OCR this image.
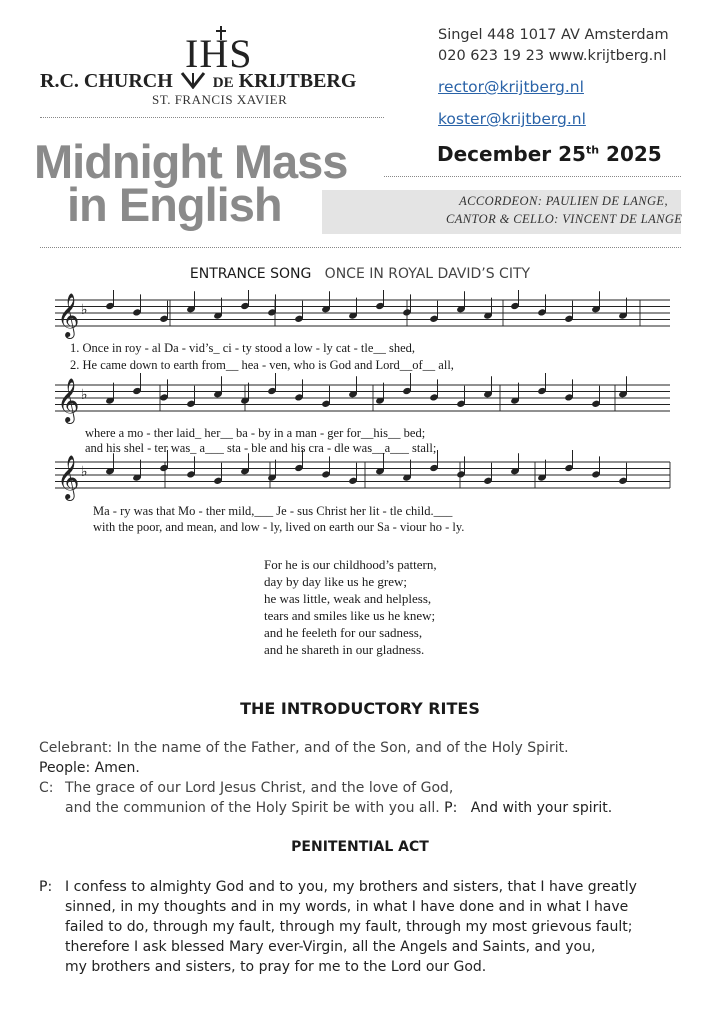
IHS
R.C. CHURCH	DE KRIJTBERG
ST. FRANCIS XAVIER
Singel 448 1017 AV Amsterdam
020 623 19 23 www.krijtberg.nl
rector@krijtberg.nl
koster@krijtberg.nl
Midnight Mass
in English
December 25th 2025
ACCORDEON: PAULIEN DE LANGE,
CANTOR & CELLO: VINCENT DE LANGE
ENTRANCE SONG ONCE IN ROYAL DAVID’S CITY
𝄞 ♭
𝄞 ♭
𝄞 ♭
1. Once in roy - al Da - vid’s_ ci - ty stood a low - ly cat - tle__ shed,
2. He came down to earth from__ hea - ven, who is God and Lord__of__ all,
where a mo - ther laid_ her__ ba - by in a man - ger for__his__ bed;
and his shel - ter was_ a___ sta - ble and his cra - dle was__a___ stall;
Ma - ry was that Mo - ther mild,___ Je - sus Christ her lit - tle child.___
with the poor, and mean, and low - ly, lived on earth our Sa - viour ho - ly.
For he is our childhood’s pattern,
day by day like us he grew;
he was little, weak and helpless,
tears and smiles like us he knew;
and he feeleth for our sadness,
and he shareth in our gladness.
THE INTRODUCTORY RITES
Celebrant: In the name of the Father, and of the Son, and of the Holy Spirit.
People: Amen.
C: The grace of our Lord Jesus Christ, and the love of God,
and the communion of the Holy Spirit be with you all. P: And with your spirit.
PENITENTIAL ACT
P: I confess to almighty God and to you, my brothers and sisters, that I have greatly
sinned, in my thoughts and in my words, in what I have done and in what I have
failed to do, through my fault, through my fault, through my most grievous fault;
therefore I ask blessed Mary ever-Virgin, all the Angels and Saints, and you,
my brothers and sisters, to pray for me to the Lord our God.
